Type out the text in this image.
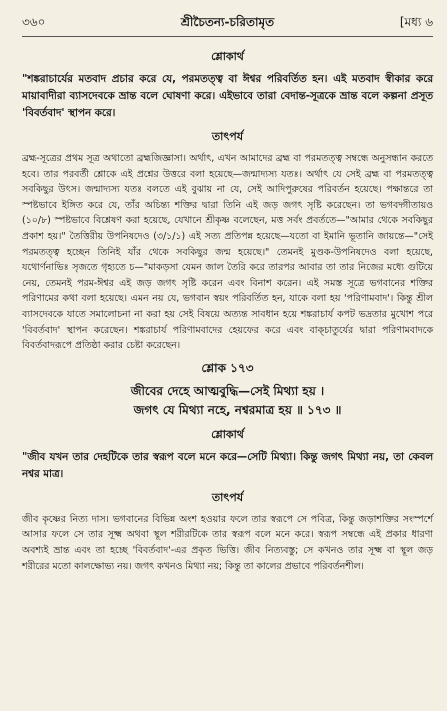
৩৬০	শ্রীচৈতন্য-চরিতামৃত	[মধ্য ৬
শ্লোকার্থ

"শঙ্করাচার্যের মতবাদ প্রচার করে যে, পরমতত্ত্ব বা ঈশ্বর পরিবর্তিত হন। এই মতবাদ স্বীকার করে মায়াবাদীরা ব্যাসদেবকে ভ্রান্ত বলে ঘোষণা করে। এইভাবে তারা বেদান্ত-সূত্রকে ভ্রান্ত বলে কল্পনা প্রসূত 'বিবর্তবাদ' স্থাপন করে।

তাৎপর্য

ব্রহ্ম-সূত্রের প্রথম সূত্র অথাতো ব্রহ্মজিজ্ঞাসা। অর্থাৎ, এখন আমাদের ব্রহ্ম বা পরমতত্ত্ব সম্বন্ধে অনুসন্ধান করতে হবে। তার পরবর্তী শ্লোকে এই প্রশ্নের উত্তরে বলা হয়েছে—জন্মাদ্যস্য যতঃ। অর্থাৎ যে সেই ব্রহ্ম বা পরমতত্ত্ব সবকিছুর উৎস। জন্মাদ্যস্য যতঃ বলতে এই বুঝায় না যে, সেই আদিপুরুষের পরিবর্তন হয়েছে। পক্ষান্তরে তা স্পষ্টভাবে ইঙ্গিত করে যে, তাঁর অচিন্ত্য শক্তির দ্বারা তিনি এই জড় জগৎ সৃষ্টি করেছেন। তা ভগবদ্গীতায়ও (১০/৮) স্পষ্টভাবে বিশ্লেষণ করা হয়েছে, যেখানে শ্রীকৃষ্ণ বলেছেন, মত্ত সর্বং প্রবর্ততে—"আমার থেকে সবকিছুর প্রকাশ হয়।" তৈত্তিরীয় উপনিষদেও (৩/১/১) এই সত্য প্রতিপন্ন হয়েছে—যতো বা ইমানি ভূতানি জায়ন্তে—"সেই পরমতত্ত্ব হচ্ছেন তিনিই যাঁর থেকে সবকিছুর জন্ম হয়েছে।" তেমনই মুণ্ডক-উপনিষদেও বলা হয়েছে, যথোর্ণনাভিঃ সৃজতে গৃহ্যতে চ—"মাকড়সা যেমন জাল তৈরি করে তারপর আবার তা তার নিজের মধ্যে গুটিয়ে নেয়, তেমনই পরম-ঈশ্বর এই জড় জগৎ সৃষ্টি করেন এবং বিনাশ করেন। এই সমস্ত সূত্রে ভগবানের শক্তির পরিণামের কথা বলা হয়েছে। এমন নয় যে, ভগবান স্বয়ং পরিবর্তিত হন, যাকে বলা হয় 'পরিণামবাদ'। কিন্তু শ্রীল ব্যাসদেবকে যাতে সমালোচনা না করা হয় সেই বিষয়ে অত্যন্ত সাবধান হয়ে শঙ্করাচার্য কপট ভদ্রতার মুখোশ পরে 'বিবর্তবাদ' স্থাপন করেছেন। শঙ্করাচার্য পরিণামবাদের হেয়ফের করে এবং বাক্চাতুর্যের দ্বারা পরিণামবাদকে বিবর্তবাদরূপে প্রতিষ্ঠা করার চেষ্টা করেছেন।

শ্লোক ১৭৩
জীবের দেহে আত্মবুদ্ধি—সেই মিথ্যা হয় ।
জগৎ যে মিথ্যা নহে, নশ্বরমাত্র হয় ॥ ১৭৩ ॥
শ্লোকার্থ

"জীব যখন তার দেহটিকে তার স্বরূপ বলে মনে করে—সেটি মিথ্যা। কিন্তু জগৎ মিথ্যা নয়, তা কেবল নশ্বর মাত্র।

তাৎপর্য

জীব কৃষ্ণের নিত্য দাস। ভগবানের বিভিন্ন অংশ হওয়ার ফলে তার স্বরূপে সে পবিত্র, কিন্তু জড়াশক্তির সংস্পর্শে আসার ফলে সে তার সূক্ষ্ম অথবা স্থূল শরীরটিকে তার স্বরূপ বলে মনে করে। স্বরূপ সম্বন্ধে এই প্রকার ধারণা অবশ্যই ভ্রান্ত এবং তা হচ্ছে 'বিবর্তবাদ'-এর প্রকৃত ভিত্তি। জীব নিত্যবস্তু; সে কখনও তার সূক্ষ্ম বা স্থূল জড় শরীরের মতো কালক্ষোভ্য নয়। জগৎ কখনও মিথ্যা নয়; কিন্তু তা কালের প্রভাবে পরিবর্তনশীল।
